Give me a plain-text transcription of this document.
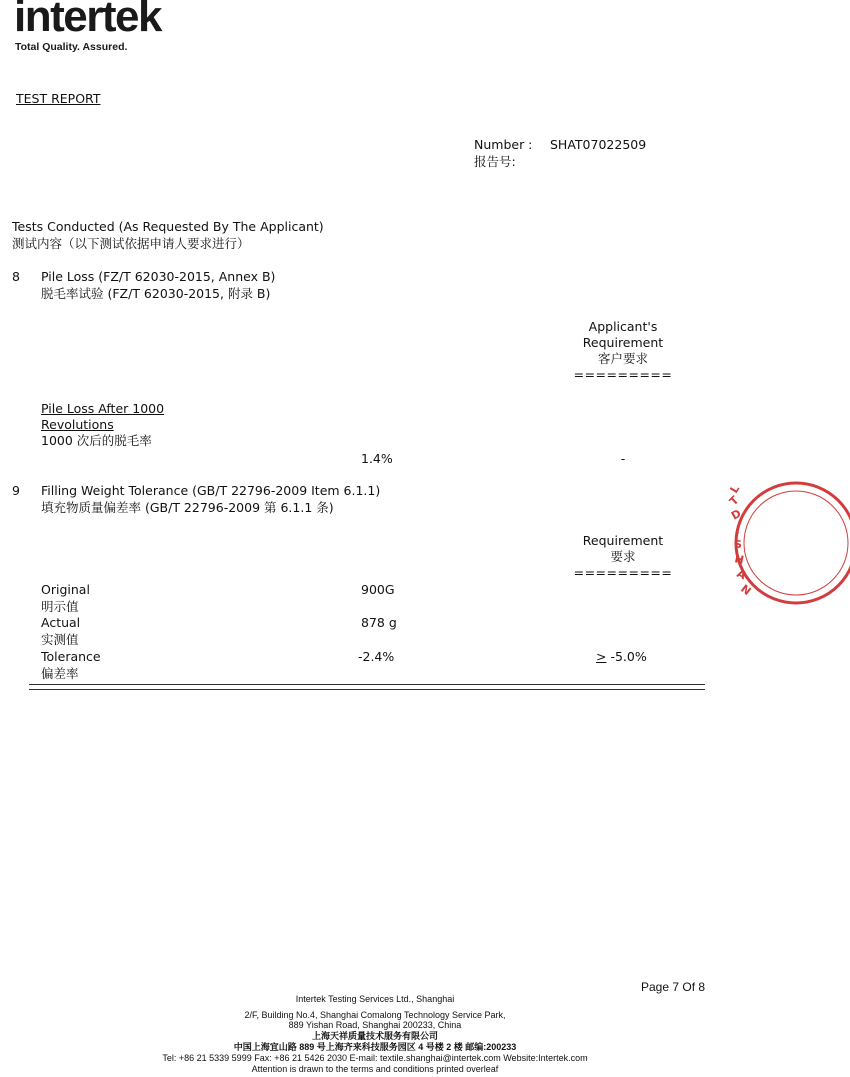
intertek
Total Quality. Assured.
TEST REPORT
Number : SHAT07022509
报告号:
Tests Conducted (As Requested By The Applicant)
测试内容（以下测试依据申请人要求进行）
8 Pile Loss (FZ/T 62030-2015, Annex B)
脱毛率试验 (FZ/T 62030-2015, 附录 B)
Applicant's
Requirement
客户要求
=========
Pile Loss After 1000
Revolutions
1000 次后的脱毛率
1.4%	-
9 Filling Weight Tolerance (GB/T 22796-2009 Item 6.1.1)
填充物质量偏差率 (GB/T 22796-2009 第 6.1.1 条)
Requirement
要求
=========
Original
明示值
900G
Actual
实测值
878 g
Tolerance
偏差率
-2.4%	> -5.0%
L
T
D
.
S
H
A
N
Page 7 Of 8
Intertek Testing Services Ltd., Shanghai
2/F, Building No.4, Shanghai Comalong Technology Service Park,
889 Yishan Road, Shanghai 200233, China
上海天祥质量技术服务有限公司
中国上海宜山路 889 号上海齐来科技服务园区 4 号楼 2 楼 邮编:200233
Tel: +86 21 5339 5999 Fax: +86 21 5426 2030 E-mail: textile.shanghai@intertek.com Website:Intertek.com
Attention is drawn to the terms and conditions printed overleaf
